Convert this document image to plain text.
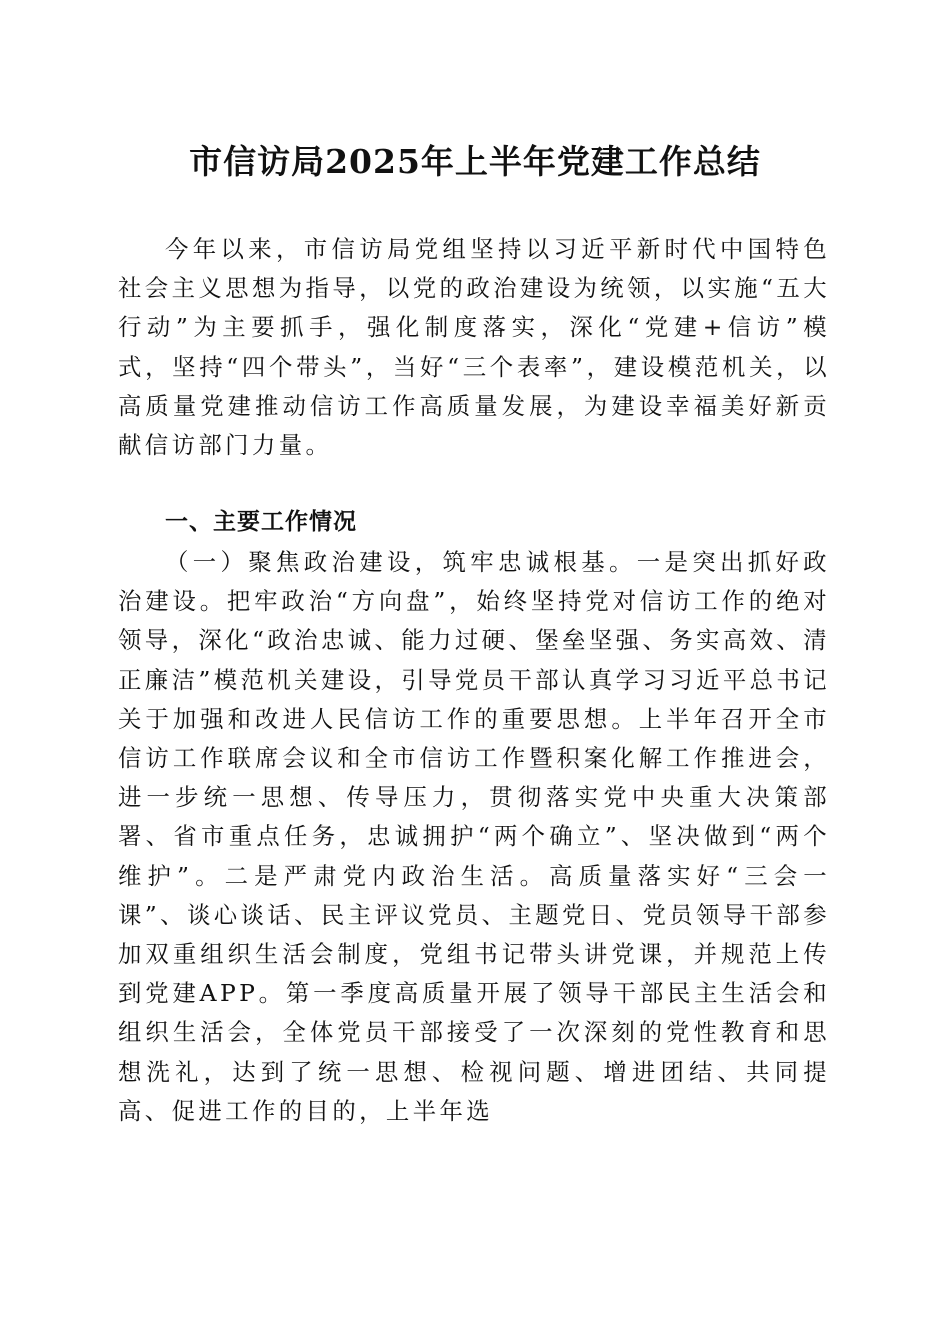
市信访局2025年上半年党建工作总结

今年以来，市信访局党组坚持以习近平新时代中国特色社会主义思想为指导，以党的政治建设为统领，以实施“五大行动”为主要抓手，强化制度落实，深化“党建+信访”模式，坚持“四个带头”，当好“三个表率”，建设模范机关，以高质量党建推动信访工作高质量发展，为建设幸福美好新贡献信访部门力量。

一、主要工作情况

（一）聚焦政治建设，筑牢忠诚根基。一是突出抓好政治建设。把牢政治“方向盘”，始终坚持党对信访工作的绝对领导，深化“政治忠诚、能力过硬、堡垒坚强、务实高效、清正廉洁”模范机关建设，引导党员干部认真学习习近平总书记关于加强和改进人民信访工作的重要思想。上半年召开全市信访工作联席会议和全市信访工作暨积案化解工作推进会，进一步统一思想、传导压力，贯彻落实党中央重大决策部署、省市重点任务，忠诚拥护“两个确立”、坚决做到“两个维护”。二是严肃党内政治生活。高质量落实好“三会一课”、谈心谈话、民主评议党员、主题党日、党员领导干部参加双重组织生活会制度，党组书记带头讲党课，并规范上传到党建APP。第一季度高质量开展了领导干部民主生活会和组织生活会，全体党员干部接受了一次深刻的党性教育和思想洗礼，达到了统一思想、检视问题、增进团结、共同提高、促进工作的目的，上半年选
